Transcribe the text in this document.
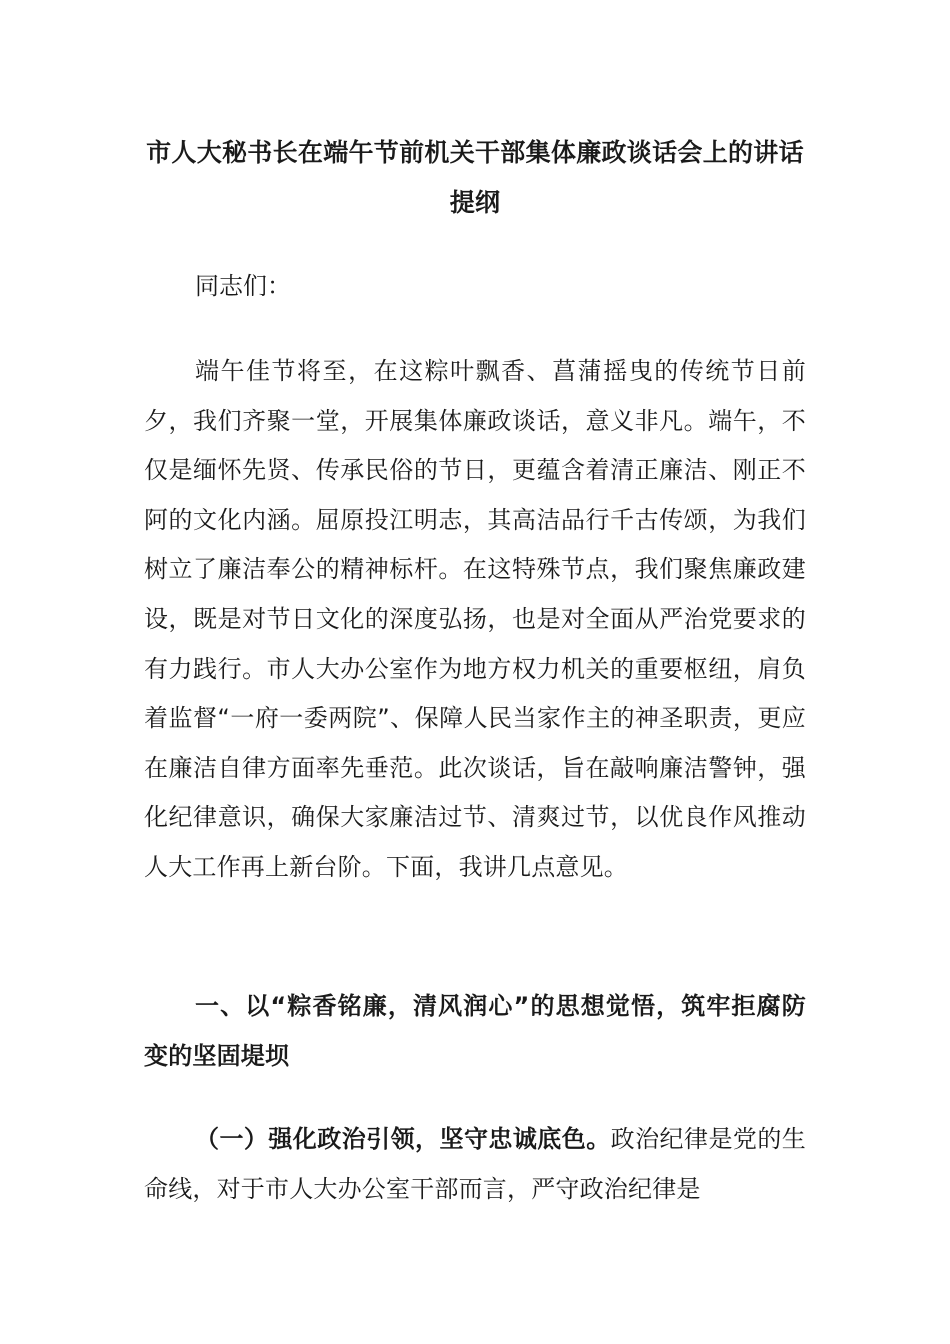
市人大秘书长在端午节前机关干部集体廉政谈话会上的讲话提纲
同志们：
端午佳节将至，在这粽叶飘香、菖蒲摇曳的传统节日前夕，我们齐聚一堂，开展集体廉政谈话，意义非凡。端午，不仅是缅怀先贤、传承民俗的节日，更蕴含着清正廉洁、刚正不阿的文化内涵。屈原投江明志，其高洁品行千古传颂，为我们树立了廉洁奉公的精神标杆。在这特殊节点，我们聚焦廉政建设，既是对节日文化的深度弘扬，也是对全面从严治党要求的有力践行。市人大办公室作为地方权力机关的重要枢纽，肩负着监督“一府一委两院”、保障人民当家作主的神圣职责，更应在廉洁自律方面率先垂范。此次谈话，旨在敲响廉洁警钟，强化纪律意识，确保大家廉洁过节、清爽过节，以优良作风推动人大工作再上新台阶。下面，我讲几点意见。
一、以“粽香铭廉，清风润心”的思想觉悟，筑牢拒腐防变的坚固堤坝
（一）强化政治引领，坚守忠诚底色。政治纪律是党的生命线，对于市人大办公室干部而言，严守政治纪律是
